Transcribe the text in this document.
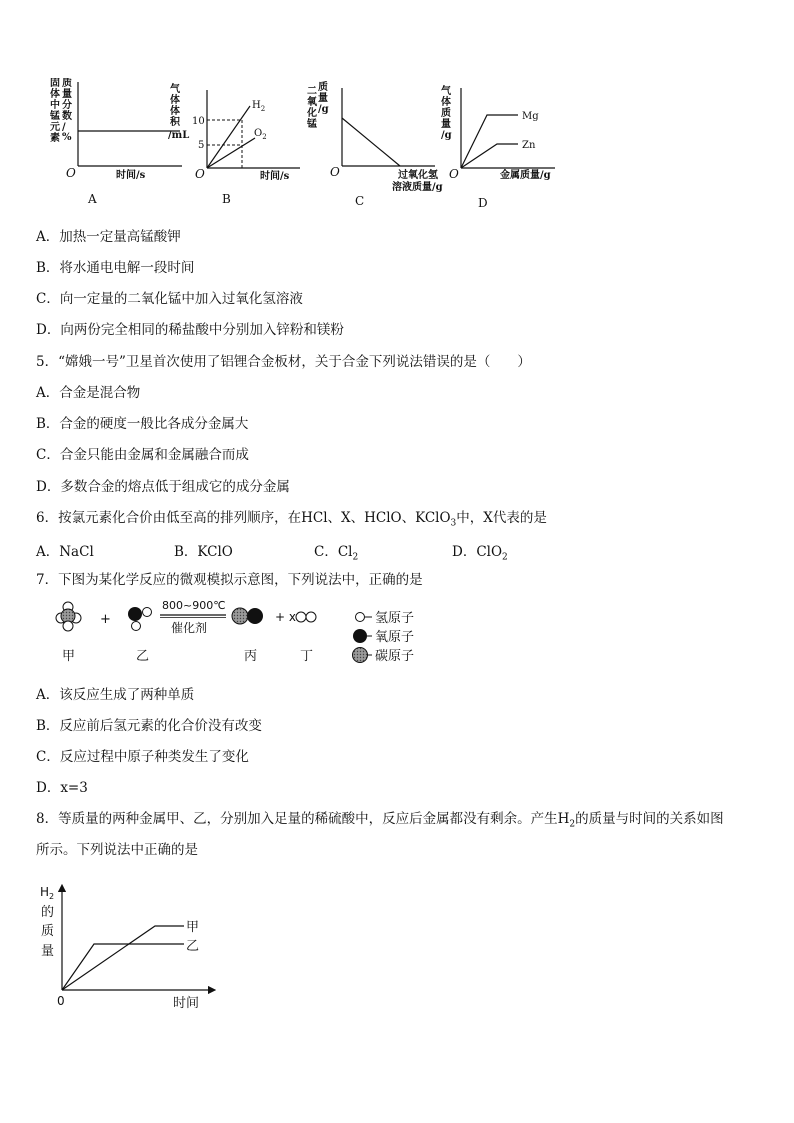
固
体
中
锰
元
素
质
量
分
数
/
%
O	时间/s
A
气
体
体
积
/mL
10
5
$H_2$
$O_2$
O	时间/s
B
二
氧
化
锰
质
量
/g
O	过氧化氢
溶液质量/g
C
气
体
质
量
/g
Mg
Zn
O	金属质量/g
D
A．加热一定量高锰酸钾
B．将水通电电解一段时间
C．向一定量的二氧化锰中加入过氧化氢溶液
D．向两份完全相同的稀盐酸中分别加入锌粉和镁粉
5．“嫦娥一号”卫星首次使用了铝锂合金板材，关于合金下列说法错误的是（　　）
A．合金是混合物
B．合金的硬度一般比各成分金属大
C．合金只能由金属和金属融合而成
D．多数合金的熔点低于组成它的成分金属
6．按氯元素化合价由低至高的排列顺序，在HCl、X、HClO、KClO$_3$中，X代表的是
A．NaCl	B．KClO	C．$Cl_2$	D．ClO$_2$
7．下图为某化学反应的微观模拟示意图，下列说法中，正确的是
+
800~900℃
催化剂
+ x
甲	乙	丙	丁
氢原子
氧原子
碳原子
A．该反应生成了两种单质
B．反应前后氢元素的化合价没有改变
C．反应过程中原子种类发生了变化
D．x=3
8．等质量的两种金属甲、乙，分别加入足量的稀硫酸中，反应后金属都没有剩余。产生$H_2$的质量与时间的关系如图
所示。下列说法中正确的是
$H_2$
的
质
量
甲
乙
0	时间
